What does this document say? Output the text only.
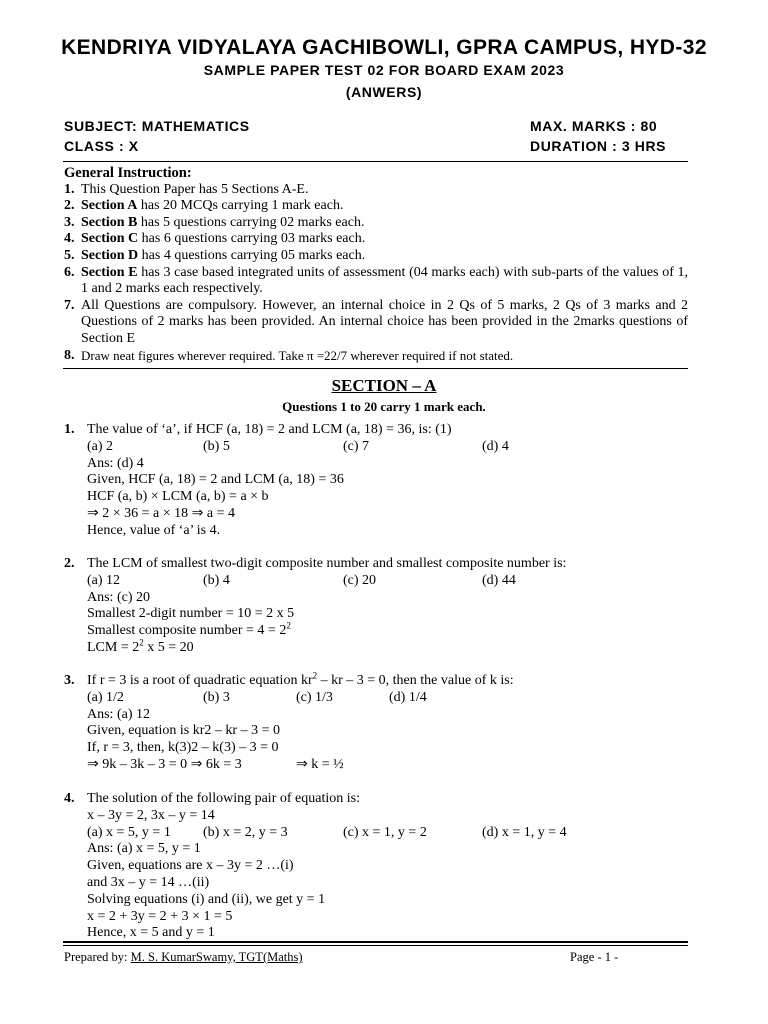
KENDRIYA VIDYALAYA GACHIBOWLI, GPRA CAMPUS, HYD-32
SAMPLE PAPER TEST 02 FOR BOARD EXAM 2023
(ANWERS)
SUBJECT: MATHEMATICS	MAX. MARKS : 80
CLASS : X	DURATION : 3 HRS
General Instruction:
1. This Question Paper has 5 Sections A-E.
2. Section A has 20 MCQs carrying 1 mark each.
3. Section B has 5 questions carrying 02 marks each.
4. Section C has 6 questions carrying 03 marks each.
5. Section D has 4 questions carrying 05 marks each.
6. Section E has 3 case based integrated units of assessment (04 marks each) with sub-parts of the values of 1, 1 and 2 marks each respectively.
7. All Questions are compulsory. However, an internal choice in 2 Qs of 5 marks, 2 Qs of 3 marks and 2 Questions of 2 marks has been provided. An internal choice has been provided in the 2marks questions of Section E
8. Draw neat figures wherever required. Take π =22/7 wherever required if not stated.
SECTION – A
Questions 1 to 20 carry 1 mark each.
1. The value of ‘a’, if HCF (a, 18) = 2 and LCM (a, 18) = 36, is: (1)
(a) 2	(b) 5	(c) 7	(d) 4
Ans: (d) 4
Given, HCF (a, 18) = 2 and LCM (a, 18) = 36
HCF (a, b) × LCM (a, b) = a × b
⇒ 2 × 36 = a × 18 ⇒ a = 4
Hence, value of ‘a’ is 4.
2. The LCM of smallest two-digit composite number and smallest composite number is:
(a) 12	(b) 4	(c) 20	(d) 44
Ans: (c) 20
Smallest 2-digit number = 10 = 2 x 5
Smallest composite number = $4 = 2^2$
LCM = $2^2$ x 5 = 20
3. If r = 3 is a root of quadratic equation $kr^2$ – kr – 3 = 0, then the value of k is:
(a) 1/2	(b) 3	(c) 1/3	(d) 1/4
Ans: (a) 12
Given, equation is kr2 – kr – 3 = 0
If, r = 3, then, k(3)2 – k(3) – 3 = 0
⇒ 9k – 3k – 3 = 0 ⇒ 6k = 3	⇒ k = ½
4. The solution of the following pair of equation is:
x – 3y = 2, 3x – y = 14
(a) x = 5, y = 1 (b) x = 2, y = 3	(c) x = 1, y = 2	(d) x = 1, y = 4
Ans: (a) x = 5, y = 1
Given, equations are x – 3y = 2 …(i)
and 3x – y = 14 …(ii)
Solving equations (i) and (ii), we get y = 1
x = 2 + 3y = 2 + 3 × 1 = 5
Hence, x = 5 and y = 1
Prepared by: M. S. KumarSwamy, TGT(Maths)	Page - 1 -
